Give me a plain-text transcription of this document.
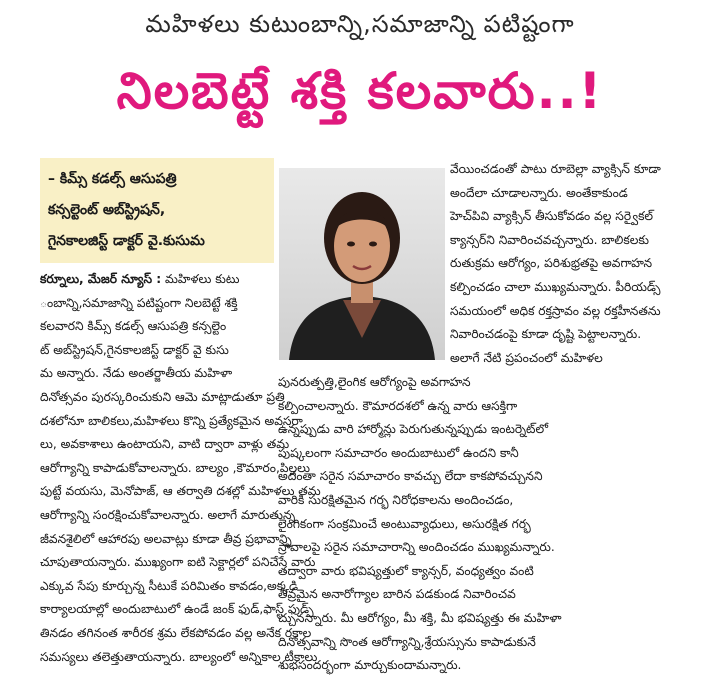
మహిళలు కుటుంబాన్ని,సమాజాన్ని పటిష్టంగా
నిలబెట్టే శక్తి కలవారు..!
– కిమ్స్ కడల్స్ ఆసుపత్రి
కన్సల్టెంట్ అబ్‌స్ట్రిషన్,
గైనకాలజిస్ట్ డాక్టర్ వై.కుసుమ

కర్నూలు, మేజర్ న్యూస్ : మహిళలు కుటు

ంబాన్ని,సమాజాన్ని పటిష్టంగా నిలబెట్టే శక్తి

కలవారని కిమ్స్ కడల్స్ ఆసుపత్రి కన్సల్టెం

ట్ అబ్‌స్ట్రిషన్,గైనకాలజిస్ట్ డాక్టర్ వై కుసు

మ అన్నారు. నేడు అంతర్జాతీయ మహిళా

దినోత్సవం పురస్కరించుకుని ఆమె మాట్లాడుతూ ప్రతి

దశలోనూ బాలికలు,మహిళలు కొన్ని ప్రత్యేకమైన అవసరా

లు, అవకాశాలు ఉంటాయని, వాటి ద్వారా వాళ్లు తమ

ఆరోగ్యాన్ని కాపాడుకోవాలన్నారు. బాల్యం ,కౌమారం,పిల్లలు

పుట్టే వయసు, మెనోపాజ్, ఆ తర్వాతి దశల్లో మహిళలు తమ

ఆరోగ్యాన్ని సంరక్షించుకోవాలన్నారు. అలాగే మారుతున్న

జీవనశైలిలో ఆహారపు అలవాట్లు కూడా తీవ్ర ప్రభావాన్ని

చూపుతాయన్నారు. ముఖ్యంగా ఐటి సెక్టార్లలో పనిచేసే వారు

ఎక్కువ సేపు కూర్చున్న సీటుకే పరిమితం కావడం,అక్కడి

కార్యాలయాల్లో అందుబాటులో ఉండే జంక్ ఫుడ్,ఫాస్ట్ ఫుడ్స్

తినడం తగినంత శారీరక శ్రమ లేకపోవడం వల్ల అనేక రకాల

సమస్యలు తలెత్తుతాయన్నారు. బాల్యంలో అన్నికాల టీకాలు

వేయించడంతో పాటు రూబెల్లా వ్యాక్సిన్ కూడా

అందేలా చూడాలన్నారు. అంతేకాకుండ

హెచ్‌పివి వ్యాక్సిన్ తీసుకోవడం వల్ల సర్వైకల్

క్యాన్సర్‌ని నివారించవచ్చన్నారు. బాలికలకు

రుతుక్రమ ఆరోగ్యం, పరిశుభ్రతపై అవగాహన

కల్పించడం చాలా ముఖ్యమన్నారు. పీరియడ్స్

సమయంలో అధిక రక్తస్రావం వల్ల రక్తహీనతను

నివారించడంపై కూడా దృష్టి పెట్టాలన్నారు.

అలాగే నేటి ప్రపంచంలో మహిళల

పునరుత్పత్తి,లైంగిక ఆరోగ్యంపై అవగాహన

కల్పించాలన్నారు. కౌమారదశలో ఉన్న వారు ఆసక్తిగా

ఉన్నప్పుడు వారి హార్మోన్లు పెరుగుతున్నప్పుడు ఇంటర్నెట్‌లో

పుష్కలంగా సమాచారం అందుబాటులో ఉందని కానీ

అదంతా సరైన సమాచారం కావచ్చు లేదా కాకపోవచ్చునని

వారికి సురక్షితమైన గర్భ నిరోధకాలను అందించడం,

లైంగికంగా సంక్రమించే అంటువ్యాధులు, అసురక్షిత గర్భ

స్రావాలపై సరైన సమాచారాన్ని అందించడం ముఖ్యమన్నారు.

తద్వారా వారు భవిష్యత్తులో క్యాన్సర్, వంధ్యత్వం వంటి

తీవ్రమైన అనారోగ్యాల బారిన పడకుండ నివారించవ

చ్చునన్నారు. మీ ఆరోగ్యం, మీ శక్తి, మీ భవిష్యత్తు ఈ మహిళా

దినోత్సవాన్ని సొంత ఆరోగ్యాన్ని,శ్రేయస్సును కాపాడుకునే

శుభసందర్భంగా మార్చుకుందామన్నారు.
